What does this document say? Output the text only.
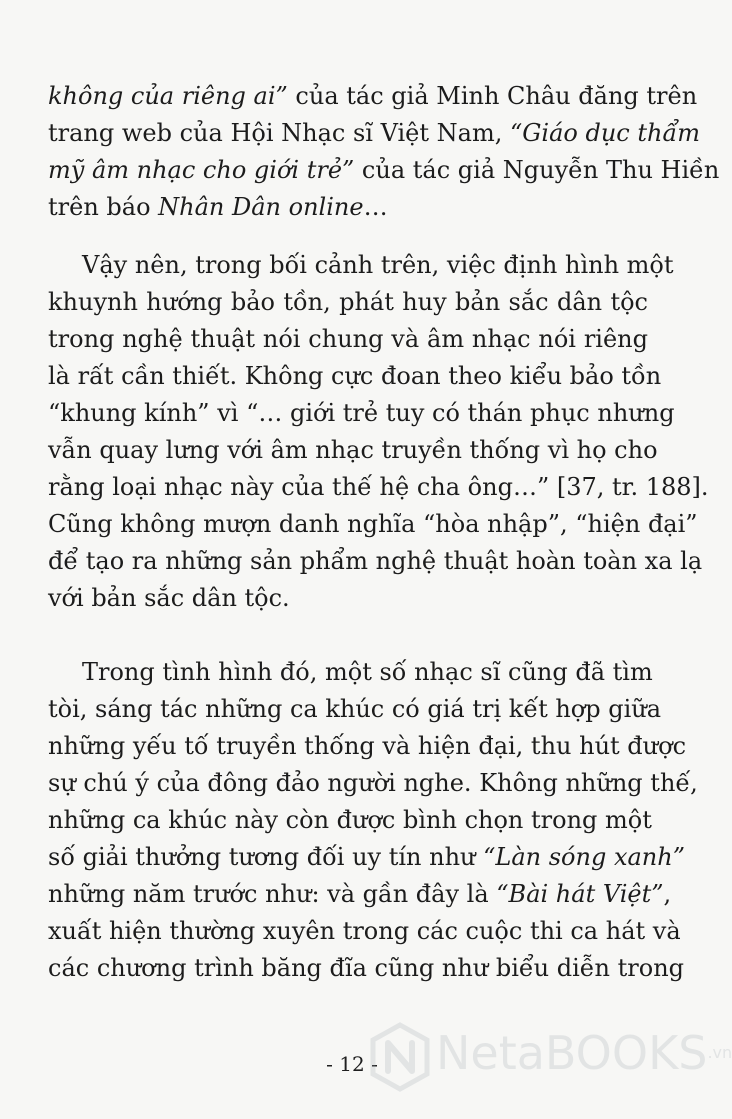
không của riêng ai” của tác giả Minh Châu đăng trên
trang web của Hội Nhạc sĩ Việt Nam, “Giáo dục thẩm
mỹ âm nhạc cho giới trẻ” của tác giả Nguyễn Thu Hiền
trên báo Nhân Dân online…
Vậy nên, trong bối cảnh trên, việc định hình một
khuynh hướng bảo tồn, phát huy bản sắc dân tộc
trong nghệ thuật nói chung và âm nhạc nói riêng
là rất cần thiết. Không cực đoan theo kiểu bảo tồn
“khung kính” vì “… giới trẻ tuy có thán phục nhưng
vẫn quay lưng với âm nhạc truyền thống vì họ cho
rằng loại nhạc này của thế hệ cha ông…” [37, tr. 188].
Cũng không mượn danh nghĩa “hòa nhập”, “hiện đại”
để tạo ra những sản phẩm nghệ thuật hoàn toàn xa lạ
với bản sắc dân tộc.
Trong tình hình đó, một số nhạc sĩ cũng đã tìm
tòi, sáng tác những ca khúc có giá trị kết hợp giữa
những yếu tố truyền thống và hiện đại, thu hút được
sự chú ý của đông đảo người nghe. Không những thế,
những ca khúc này còn được bình chọn trong một
số giải thưởng tương đối uy tín như “Làn sóng xanh”
những năm trước như: và gần đây là “Bài hát Việt”,
xuất hiện thường xuyên trong các cuộc thi ca hát và
các chương trình băng đĩa cũng như biểu diễn trong
- 12 - NetaBOOKS.vn
